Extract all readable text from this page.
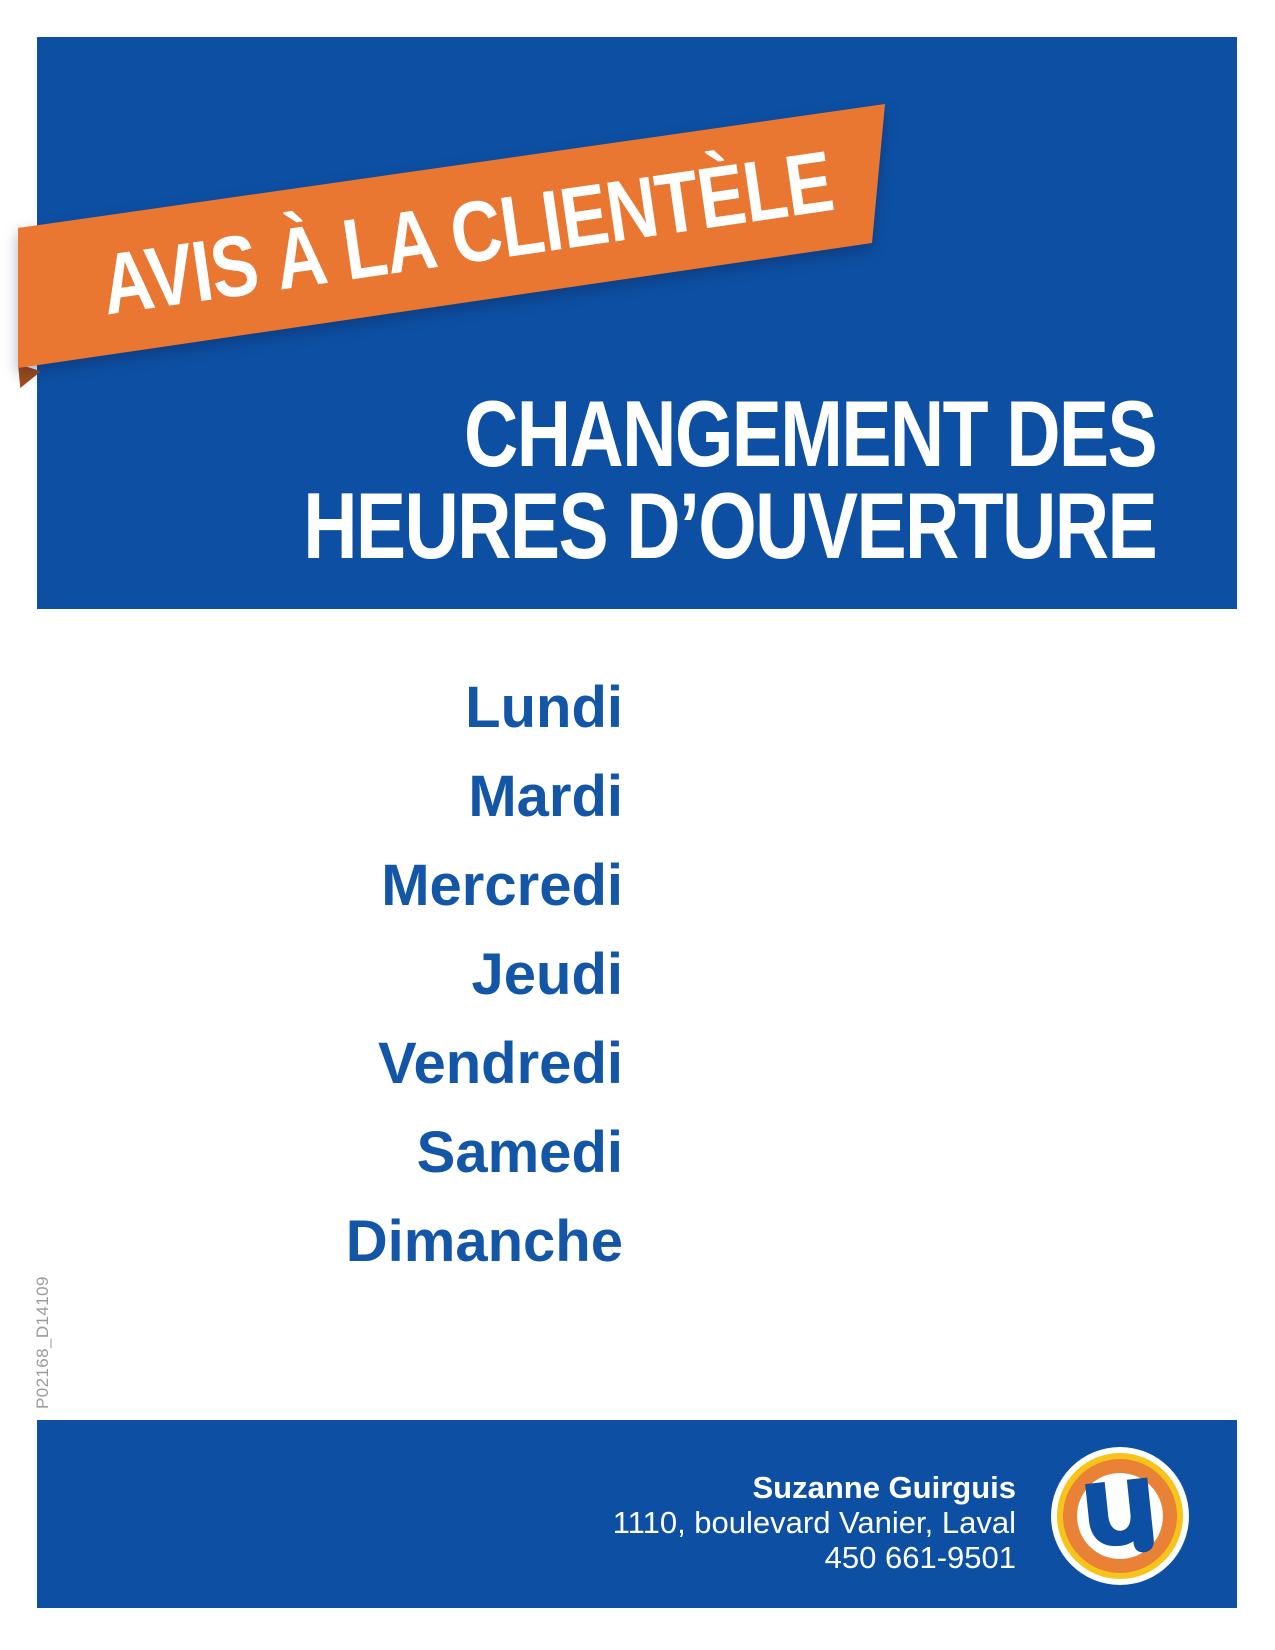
CHANGEMENT DES
HEURES D’OUVERTURE
AVIS À LA CLIENTÈLE
Lundi
Mardi
Mercredi
Jeudi
Vendredi
Samedi
Dimanche
P02168_D14109
Suzanne Guirguis
1110, boulevard Vanier, Laval
450 661-9501
